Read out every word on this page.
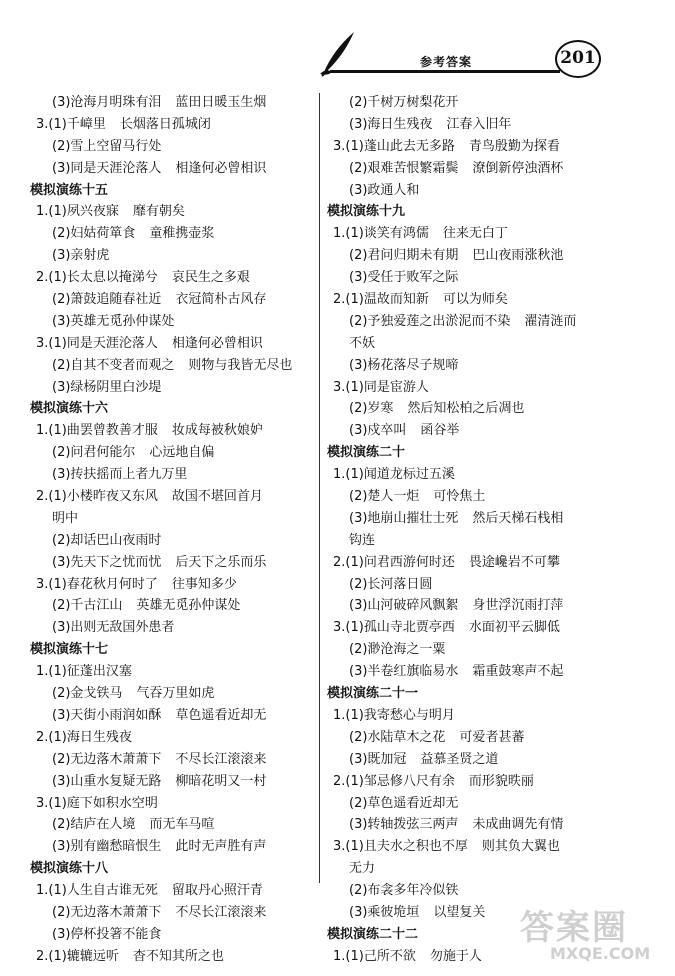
参考答案	201
(3)沧海月明珠有泪 蓝田日暖玉生烟
3.(1)千嶂里 长烟落日孤城闭
(2)雪上空留马行处
(3)同是天涯沦落人 相逢何必曾相识
模拟演练十五
1.(1)夙兴夜寐 靡有朝矣
(2)妇姑荷箪食 童稚携壶浆
(3)亲射虎
2.(1)长太息以掩涕兮 哀民生之多艰
(2)箫鼓追随春社近 衣冠简朴古风存
(3)英雄无觅孙仲谋处
3.(1)同是天涯沦落人 相逢何必曾相识
(2)自其不变者而观之 则物与我皆无尽也
(3)绿杨阴里白沙堤
模拟演练十六
1.(1)曲罢曾教善才服 妆成每被秋娘妒
(2)问君何能尔 心远地自偏
(3)抟扶摇而上者九万里
2.(1)小楼昨夜又东风 故国不堪回首月
明中
(2)却话巴山夜雨时
(3)先天下之忧而忧 后天下之乐而乐
3.(1)春花秋月何时了 往事知多少
(2)千古江山 英雄无觅孙仲谋处
(3)出则无敌国外患者
模拟演练十七
1.(1)征蓬出汉塞
(2)金戈铁马 气吞万里如虎
(3)天街小雨润如酥 草色遥看近却无
2.(1)海日生残夜
(2)无边落木萧萧下 不尽长江滚滚来
(3)山重水复疑无路 柳暗花明又一村
3.(1)庭下如积水空明
(2)结庐在人境 而无车马喧
(3)别有幽愁暗恨生 此时无声胜有声
模拟演练十八
1.(1)人生自古谁无死 留取丹心照汗青
(2)无边落木萧萧下 不尽长江滚滚来
(3)停杯投箸不能食
2.(1)辘辘远听 杳不知其所之也
(2)千树万树梨花开
(3)海日生残夜 江春入旧年
3.(1)蓬山此去无多路 青鸟殷勤为探看
(2)艰难苦恨繁霜鬓 潦倒新停浊酒杯
(3)政通人和
模拟演练十九
1.(1)谈笑有鸿儒 往来无白丁
(2)君问归期未有期 巴山夜雨涨秋池
(3)受任于败军之际
2.(1)温故而知新 可以为师矣
(2)予独爱莲之出淤泥而不染 濯清涟而
不妖
(3)杨花落尽子规啼
3.(1)同是宦游人
(2)岁寒 然后知松柏之后凋也
(3)戍卒叫 函谷举
模拟演练二十
1.(1)闻道龙标过五溪
(2)楚人一炬 可怜焦土
(3)地崩山摧壮士死 然后天梯石栈相
钩连
2.(1)问君西游何时还 畏途巉岩不可攀
(2)长河落日圆
(3)山河破碎风飘絮 身世浮沉雨打萍
3.(1)孤山寺北贾亭西 水面初平云脚低
(2)渺沧海之一粟
(3)半卷红旗临易水 霜重鼓寒声不起
模拟演练二十一
1.(1)我寄愁心与明月
(2)水陆草木之花 可爱者甚蕃
(3)既加冠 益慕圣贤之道
2.(1)邹忌修八尺有余 而形貌昳丽
(2)草色遥看近却无
(3)转轴拨弦三两声 未成曲调先有情
3.(1)且夫水之积也不厚 则其负大翼也
无力
(2)布衾多年冷似铁
(3)乘彼垝垣 以望复关
模拟演练二十二
1.(1)己所不欲 勿施于人
答案圈
MXQE.COM
